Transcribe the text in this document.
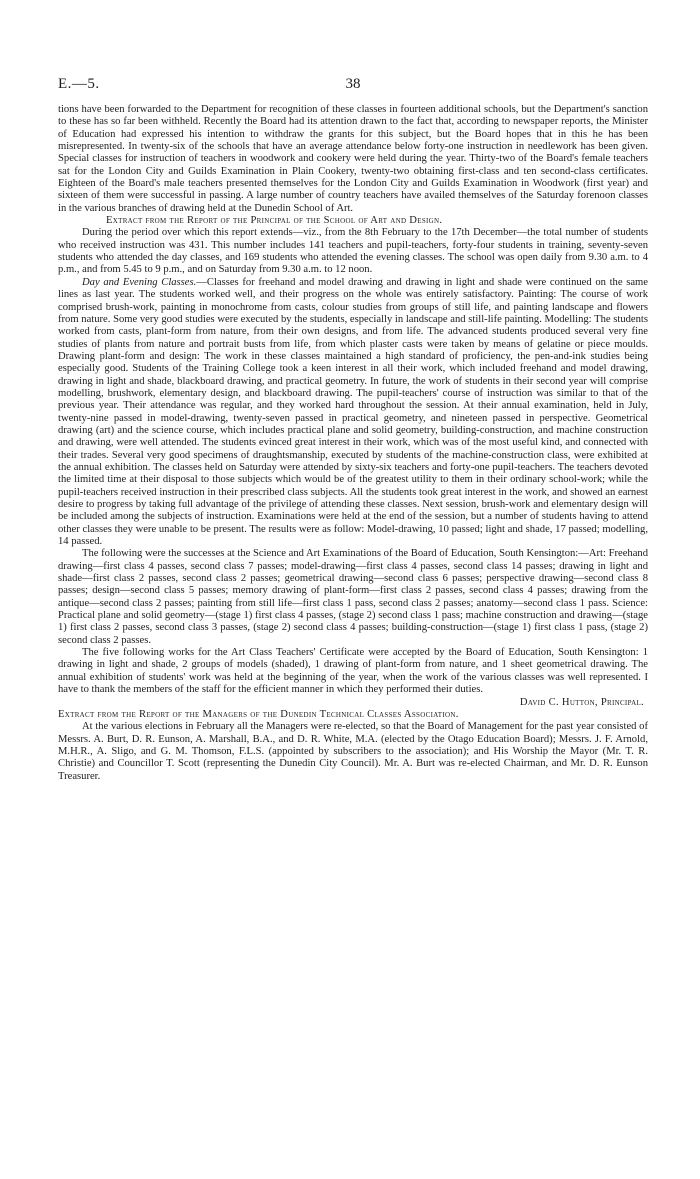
E.—5.	38

tions have been forwarded to the Department for recognition of these classes in fourteen additional schools, but the Department's sanction to these has so far been withheld. Recently the Board had its attention drawn to the fact that, according to newspaper reports, the Minister of Education had expressed his intention to withdraw the grants for this subject, but the Board hopes that in this he has been misrepresented. In twenty-six of the schools that have an average attendance below forty-one instruction in needlework has been given. Special classes for instruction of teachers in woodwork and cookery were held during the year. Thirty-two of the Board's female teachers sat for the London City and Guilds Examination in Plain Cookery, twenty-two obtaining first-class and ten second-class certificates. Eighteen of the Board's male teachers presented themselves for the London City and Guilds Examination in Woodwork (first year) and sixteen of them were successful in passing. A large number of country teachers have availed themselves of the Saturday forenoon classes in the various branches of drawing held at the Dunedin School of Art.

Extract from the Report of the Principal of the School of Art and Design.

During the period over which this report extends—viz., from the 8th February to the 17th December—the total number of students who received instruction was 431. This number includes 141 teachers and pupil-teachers, forty-four students in training, seventy-seven students who attended the day classes, and 169 students who attended the evening classes. The school was open daily from 9.30 a.m. to 4 p.m., and from 5.45 to 9 p.m., and on Saturday from 9.30 a.m. to 12 noon.

Day and Evening Classes.—Classes for freehand and model drawing and drawing in light and shade were continued on the same lines as last year. The students worked well, and their progress on the whole was entirely satisfactory. Painting: The course of work comprised brush-work, painting in monochrome from casts, colour studies from groups of still life, and painting landscape and flowers from nature. Some very good studies were executed by the students, especially in landscape and still-life painting. Modelling: The students worked from casts, plant-form from nature, from their own designs, and from life. The advanced students produced several very fine studies of plants from nature and portrait busts from life, from which plaster casts were taken by means of gelatine or piece moulds. Drawing plant-form and design: The work in these classes maintained a high standard of proficiency, the pen-and-ink studies being especially good. Students of the Training College took a keen interest in all their work, which included freehand and model drawing, drawing in light and shade, blackboard drawing, and practical geometry. In future, the work of students in their second year will comprise modelling, brushwork, elementary design, and blackboard drawing. The pupil-teachers' course of instruction was similar to that of the previous year. Their attendance was regular, and they worked hard throughout the session. At their annual examination, held in July, twenty-nine passed in model-drawing, twenty-seven passed in practical geometry, and nineteen passed in perspective. Geometrical drawing (art) and the science course, which includes practical plane and solid geometry, building-construction, and machine construction and drawing, were well attended. The students evinced great interest in their work, which was of the most useful kind, and connected with their trades. Several very good specimens of draughtsmanship, executed by students of the machine-construction class, were exhibited at the annual exhibition. The classes held on Saturday were attended by sixty-six teachers and forty-one pupil-teachers. The teachers devoted the limited time at their disposal to those subjects which would be of the greatest utility to them in their ordinary school-work; while the pupil-teachers received instruction in their prescribed class subjects. All the students took great interest in the work, and showed an earnest desire to progress by taking full advantage of the privilege of attending these classes. Next session, brush-work and elementary design will be included among the subjects of instruction. Examinations were held at the end of the session, but a number of students having to attend other classes they were unable to be present. The results were as follow: Model-drawing, 10 passed; light and shade, 17 passed; modelling, 14 passed.

The following were the successes at the Science and Art Examinations of the Board of Education, South Kensington:—Art: Freehand drawing—first class 4 passes, second class 7 passes; model-drawing—first class 4 passes, second class 14 passes; drawing in light and shade—first class 2 passes, second class 2 passes; geometrical drawing—second class 6 passes; perspective drawing—second class 8 passes; design—second class 5 passes; memory drawing of plant-form—first class 2 passes, second class 4 passes; drawing from the antique—second class 2 passes; painting from still life—first class 1 pass, second class 2 passes; anatomy—second class 1 pass. Science: Practical plane and solid geometry—(stage 1) first class 4 passes, (stage 2) second class 1 pass; machine construction and drawing—(stage 1) first class 2 passes, second class 3 passes, (stage 2) second class 4 passes; building-construction—(stage 1) first class 1 pass, (stage 2) second class 2 passes.

The five following works for the Art Class Teachers' Certificate were accepted by the Board of Education, South Kensington: 1 drawing in light and shade, 2 groups of models (shaded), 1 drawing of plant-form from nature, and 1 sheet geometrical drawing. The annual exhibition of students' work was held at the beginning of the year, when the work of the various classes was well represented. I have to thank the members of the staff for the efficient manner in which they performed their duties.

David C. Hutton, Principal.

Extract from the Report of the Managers of the Dunedin Technical Classes Association.

At the various elections in February all the Managers were re-elected, so that the Board of Management for the past year consisted of Messrs. A. Burt, D. R. Eunson, A. Marshall, B.A., and D. R. White, M.A. (elected by the Otago Education Board); Messrs. J. F. Arnold, M.H.R., A. Sligo, and G. M. Thomson, F.L.S. (appointed by subscribers to the association); and His Worship the Mayor (Mr. T. R. Christie) and Councillor T. Scott (representing the Dunedin City Council). Mr. A. Burt was re-elected Chairman, and Mr. D. R. Eunson Treasurer.
